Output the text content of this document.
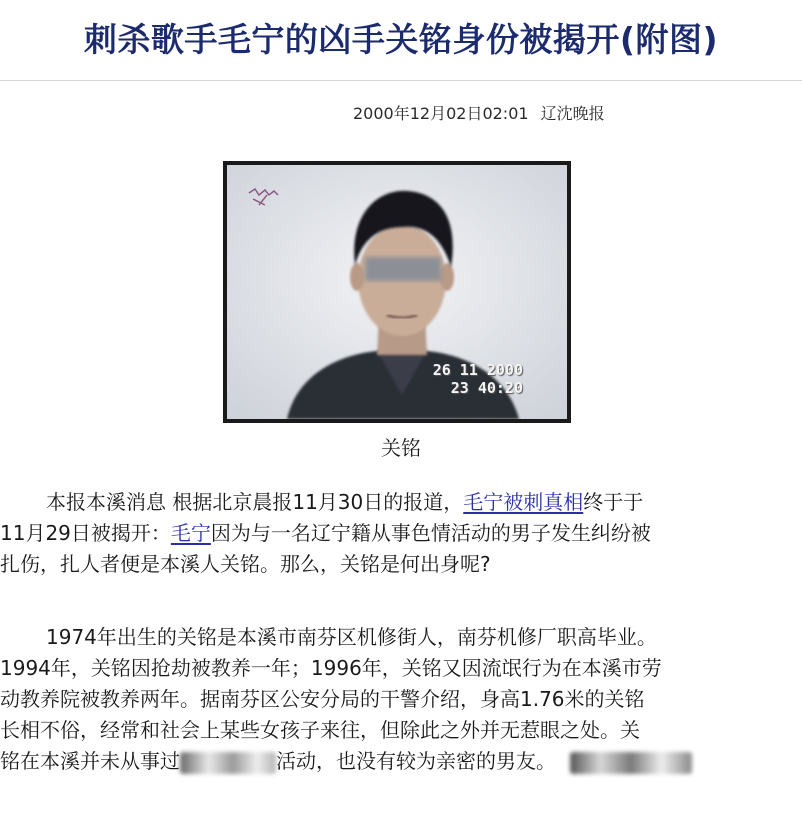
刺杀歌手毛宁的凶手关铭身份被揭开(附图)
2000年12月02日02:01 辽沈晚报
26 11 2000
23 40:20
关铭
本报本溪消息 根据北京晨报11月30日的报道，毛宁被刺真相终于于
11月29日被揭开：毛宁因为与一名辽宁籍从事色情活动的男子发生纠纷被
扎伤，扎人者便是本溪人关铭。那么，关铭是何出身呢?
1974年出生的关铭是本溪市南芬区机修街人，南芬机修厂职高毕业。
1994年，关铭因抢劫被教养一年；1996年，关铭又因流氓行为在本溪市劳
动教养院被教养两年。据南芬区公安分局的干警介绍，身高1.76米的关铭
长相不俗，经常和社会上某些女孩子来往，但除此之外并无惹眼之处。关
铭在本溪并未从事过	活动，也没有较为亲密的男友。
